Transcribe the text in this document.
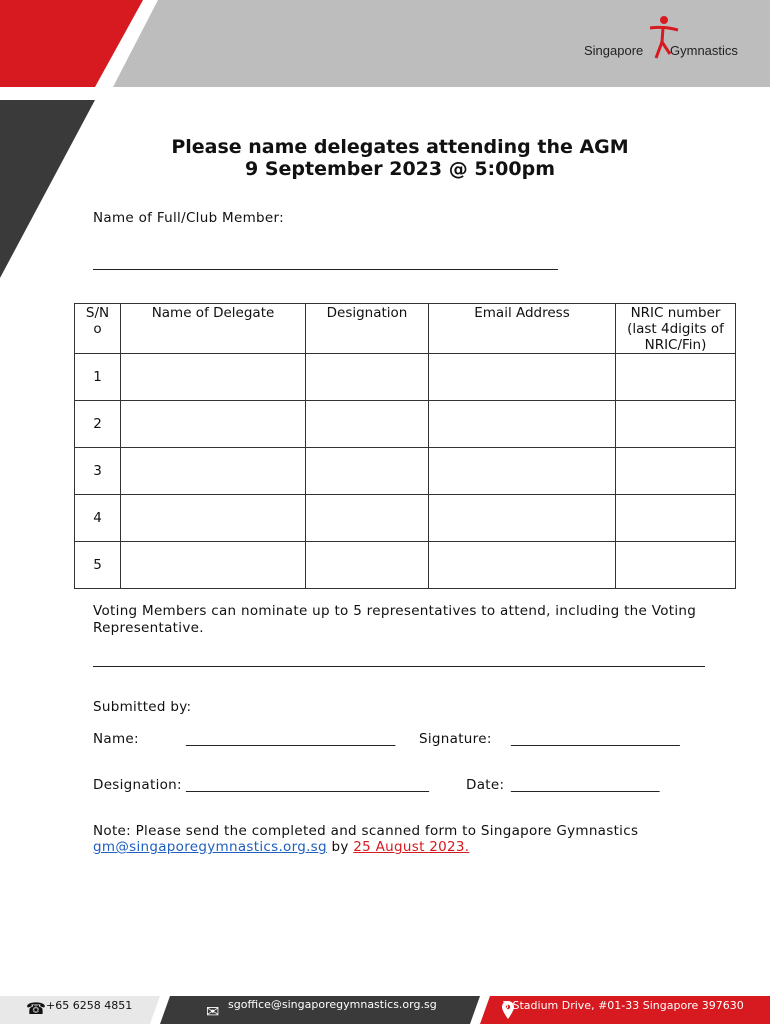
Singapore Gymnastics
Please name delegates attending the AGM
9 September 2023 @ 5:00pm
Name of Full/Club Member:
S/N
o	Name of Delegate	Designation	Email Address	NRIC number
(last 4digits of
NRIC/Fin)
1				
2				
3				
4				
5				
Voting Members can nominate up to 5 representatives to attend, including the Voting
Representative.
Submitted by:
Name:	_______________________________ Signature: _________________________
Designation: ____________________________________	Date: ______________________
Note: Please send the completed and scanned form to Singapore Gymnastics
gm@singaporegymnastics.org.sg by 25 August 2023.
☎ +65 6258 4851	✉ sgoffice@singaporegymnastics.org.sg	3 Stadium Drive, #01-33 Singapore 397630
